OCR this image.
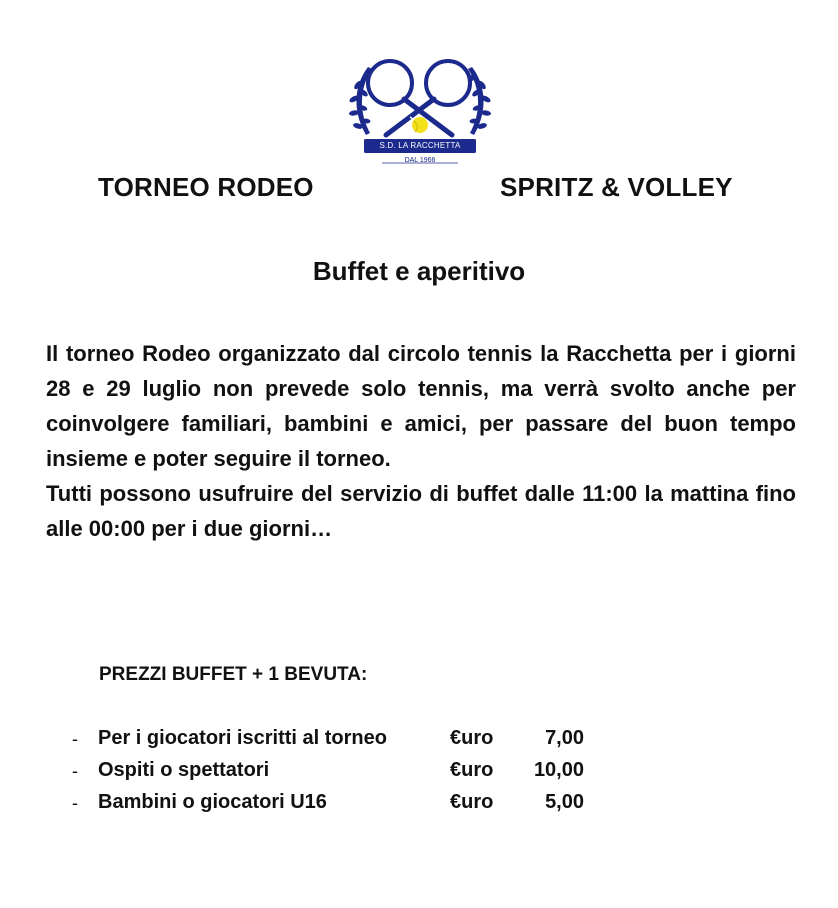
S.D. LA RACCHETTA
DAL 1966
TORNEO RODEO	SPRITZ & VOLLEY
Buffet e aperitivo

Il torneo Rodeo organizzato dal circolo tennis la Racchetta per i giorni 28 e 29 luglio non prevede solo tennis, ma verrà svolto anche per coinvolgere familiari, bambini e amici, per passare del buon tempo insieme e poter seguire il torneo.

Tutti possono usufruire del servizio di buffet dalle 11:00 la mattina fino alle 00:00 per i due giorni…

PREZZI BUFFET + 1 BEVUTA:
- Per i giocatori iscritti al torneo	€uro	7,00
- Ospiti o spettatori	€uro	10,00
- Bambini o giocatori U16	€uro	5,00
